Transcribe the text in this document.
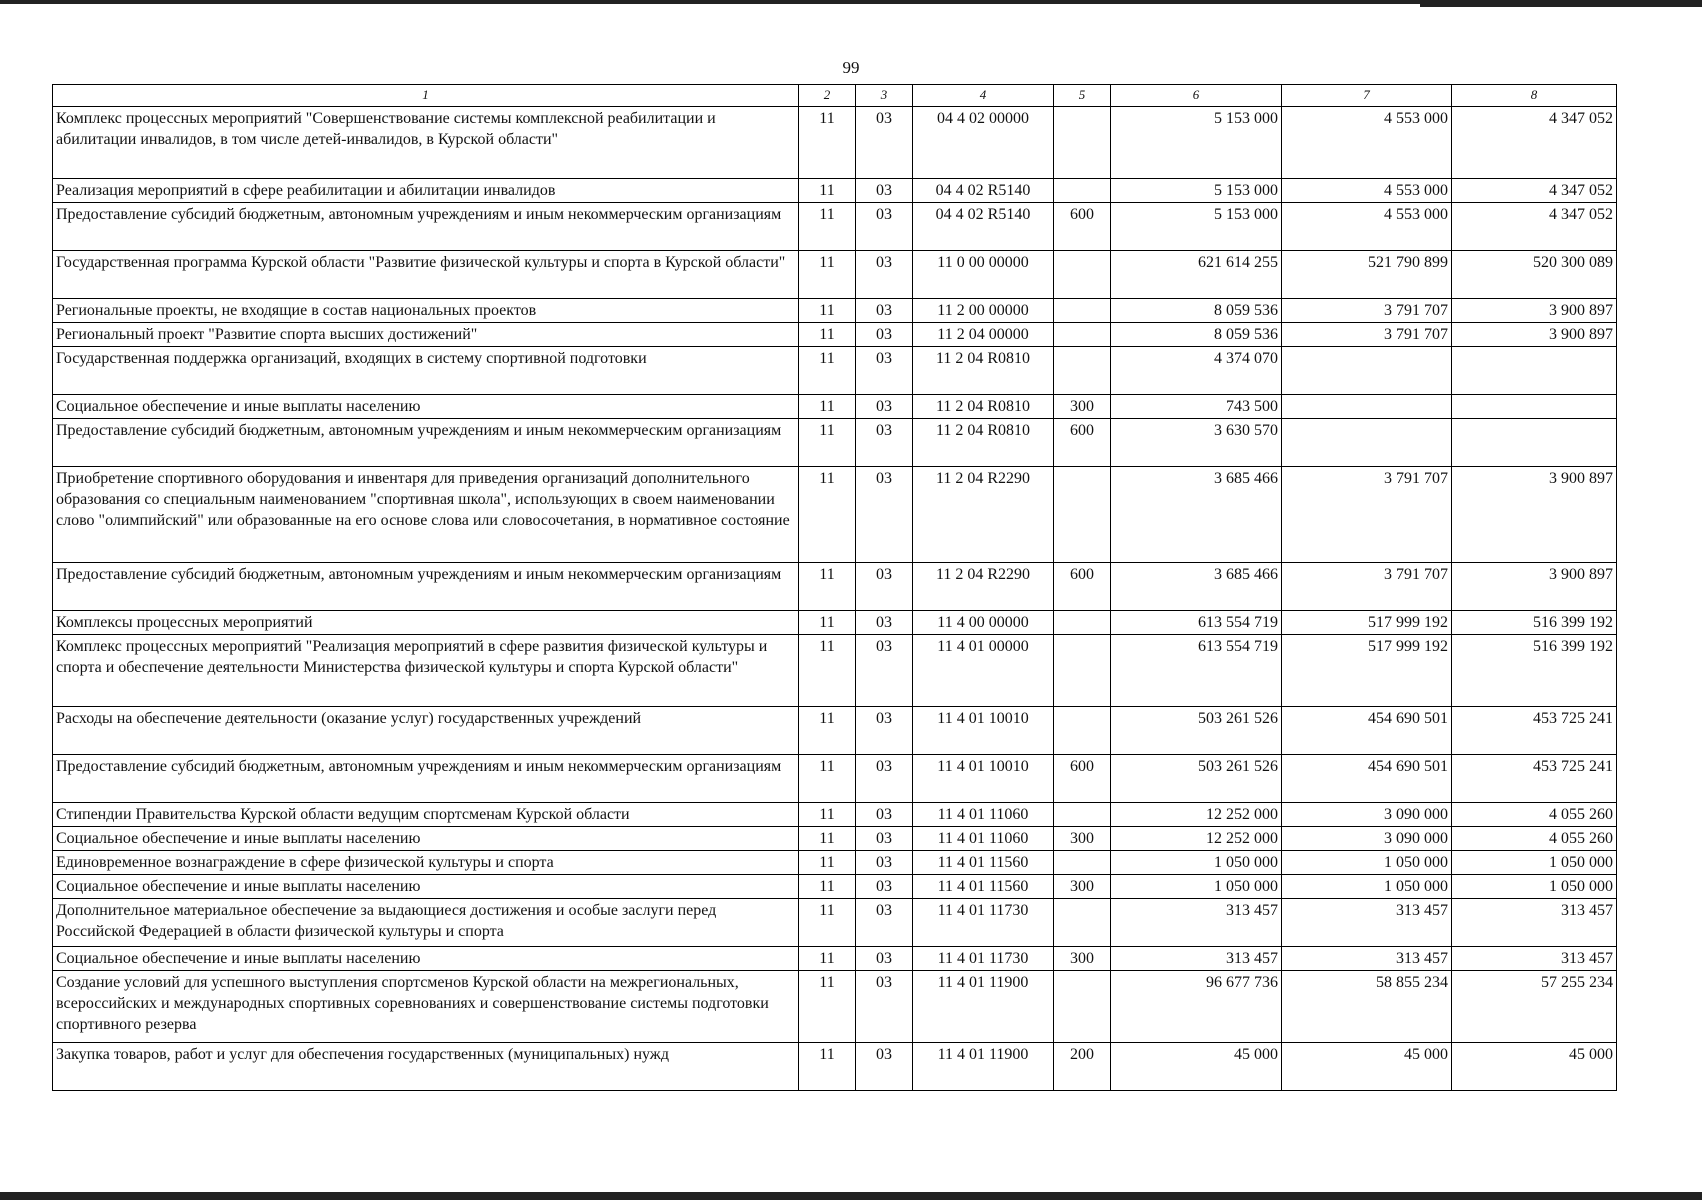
99
1	2	3	4	5	6	7	8
Комплекс процессных мероприятий "Совершенствование системы комплексной реабилитации и абилитации инвалидов, в том числе детей-инвалидов, в Курской области"	11	03	04 4 02 00000		5 153 000	4 553 000	4 347 052
Реализация мероприятий в сфере реабилитации и абилитации инвалидов	11	03	04 4 02 R5140		5 153 000	4 553 000	4 347 052
Предоставление субсидий бюджетным, автономным учреждениям и иным некоммерческим организациям	11	03	04 4 02 R5140	600	5 153 000	4 553 000	4 347 052
Государственная программа Курской области "Развитие физической культуры и спорта в Курской области"	11	03	11 0 00 00000		621 614 255	521 790 899	520 300 089
Региональные проекты, не входящие в состав национальных проектов	11	03	11 2 00 00000		8 059 536	3 791 707	3 900 897
Региональный проект "Развитие спорта высших достижений"	11	03	11 2 04 00000		8 059 536	3 791 707	3 900 897
Государственная поддержка организаций, входящих в систему спортивной подготовки	11	03	11 2 04 R0810		4 374 070		
Социальное обеспечение и иные выплаты населению	11	03	11 2 04 R0810	300	743 500		
Предоставление субсидий бюджетным, автономным учреждениям и иным некоммерческим организациям	11	03	11 2 04 R0810	600	3 630 570		
Приобретение спортивного оборудования и инвентаря для приведения организаций дополнительного образования со специальным наименованием "спортивная школа", использующих в своем наименовании слово "олимпийский" или образованные на его основе слова или словосочетания, в нормативное состояние	11	03	11 2 04 R2290		3 685 466	3 791 707	3 900 897
Предоставление субсидий бюджетным, автономным учреждениям и иным некоммерческим организациям	11	03	11 2 04 R2290	600	3 685 466	3 791 707	3 900 897
Комплексы процессных мероприятий	11	03	11 4 00 00000		613 554 719	517 999 192	516 399 192
Комплекс процессных мероприятий "Реализация мероприятий в сфере развития физической культуры и спорта и обеспечение деятельности Министерства физической культуры и спорта Курской области"	11	03	11 4 01 00000		613 554 719	517 999 192	516 399 192
Расходы на обеспечение деятельности (оказание услуг) государственных учреждений	11	03	11 4 01 10010		503 261 526	454 690 501	453 725 241
Предоставление субсидий бюджетным, автономным учреждениям и иным некоммерческим организациям	11	03	11 4 01 10010	600	503 261 526	454 690 501	453 725 241
Стипендии Правительства Курской области ведущим спортсменам Курской области	11	03	11 4 01 11060		12 252 000	3 090 000	4 055 260
Социальное обеспечение и иные выплаты населению	11	03	11 4 01 11060	300	12 252 000	3 090 000	4 055 260
Единовременное вознаграждение в сфере физической культуры и спорта	11	03	11 4 01 11560		1 050 000	1 050 000	1 050 000
Социальное обеспечение и иные выплаты населению	11	03	11 4 01 11560	300	1 050 000	1 050 000	1 050 000
Дополнительное материальное обеспечение за выдающиеся достижения и особые заслуги перед Российской Федерацией в области физической культуры и спорта	11	03	11 4 01 11730		313 457	313 457	313 457
Социальное обеспечение и иные выплаты населению	11	03	11 4 01 11730	300	313 457	313 457	313 457
Создание условий для успешного выступления спортсменов Курской области на межрегиональных, всероссийских и международных спортивных соревнованиях и совершенствование системы подготовки спортивного резерва	11	03	11 4 01 11900		96 677 736	58 855 234	57 255 234
Закупка товаров, работ и услуг для обеспечения государственных (муниципальных) нужд	11	03	11 4 01 11900	200	45 000	45 000	45 000
